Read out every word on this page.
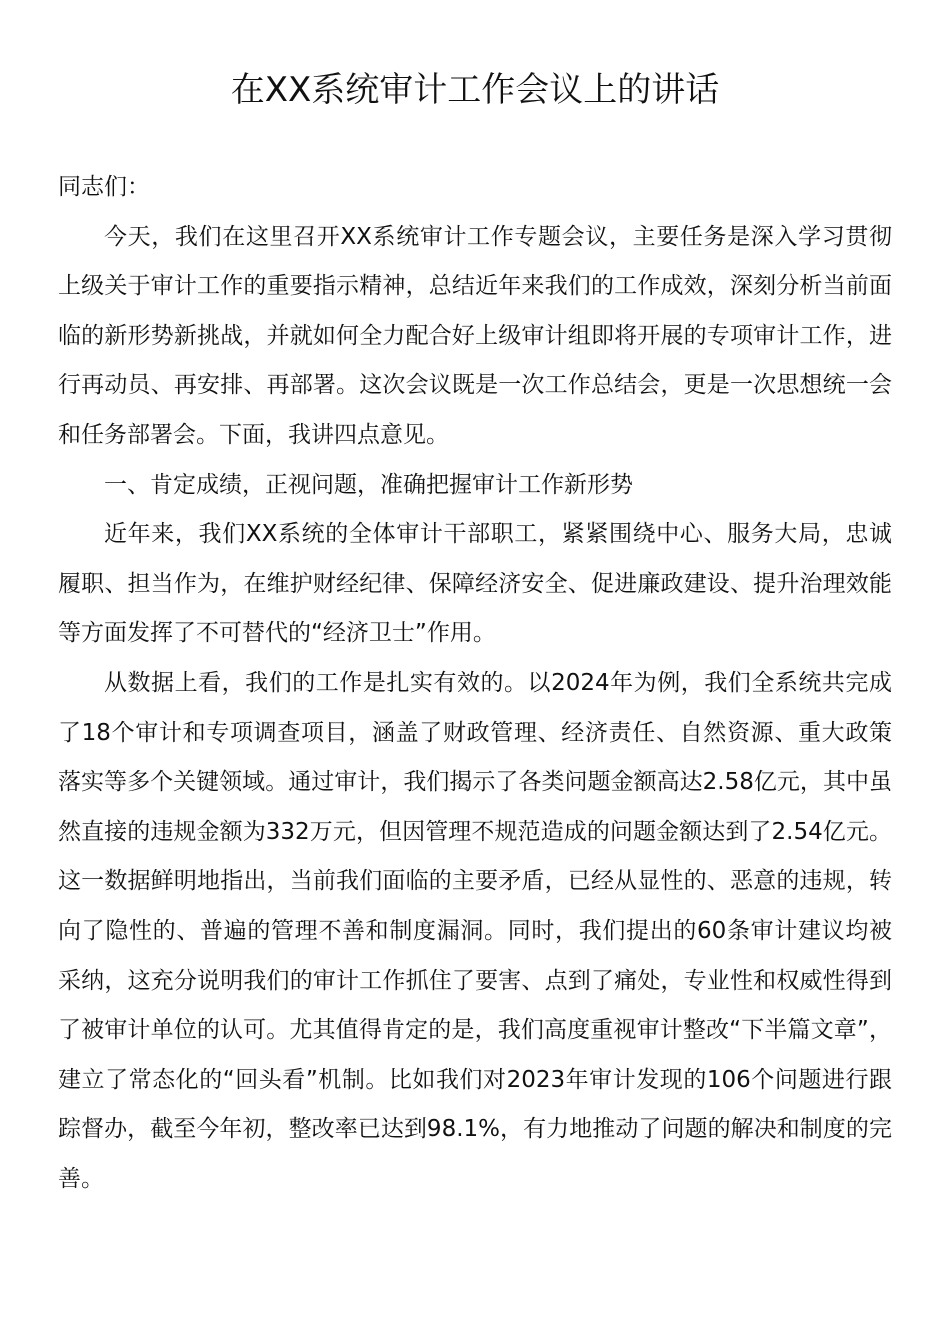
在XX系统审计工作会议上的讲话

同志们：

今天，我们在这里召开XX系统审计工作专题会议，主要任务是深入学习贯彻上级关于审计工作的重要指示精神，总结近年来我们的工作成效，深刻分析当前面临的新形势新挑战，并就如何全力配合好上级审计组即将开展的专项审计工作，进行再动员、再安排、再部署。这次会议既是一次工作总结会，更是一次思想统一会和任务部署会。下面，我讲四点意见。

一、肯定成绩，正视问题，准确把握审计工作新形势

近年来，我们XX系统的全体审计干部职工，紧紧围绕中心、服务大局，忠诚履职、担当作为，在维护财经纪律、保障经济安全、促进廉政建设、提升治理效能等方面发挥了不可替代的“经济卫士”作用。

从数据上看，我们的工作是扎实有效的。以2024年为例，我们全系统共完成了18个审计和专项调查项目，涵盖了财政管理、经济责任、自然资源、重大政策落实等多个关键领域。通过审计，我们揭示了各类问题金额高达2.58亿元，其中虽然直接的违规金额为332万元，但因管理不规范造成的问题金额达到了2.54亿元。这一数据鲜明地指出，当前我们面临的主要矛盾，已经从显性的、恶意的违规，转向了隐性的、普遍的管理不善和制度漏洞。同时，我们提出的60条审计建议均被采纳，这充分说明我们的审计工作抓住了要害、点到了痛处，专业性和权威性得到了被审计单位的认可。尤其值得肯定的是，我们高度重视审计整改“下半篇文章”，建立了常态化的“回头看”机制。比如我们对2023年审计发现的106个问题进行跟踪督办，截至今年初，整改率已达到98.1%，有力地推动了问题的解决和制度的完善。
